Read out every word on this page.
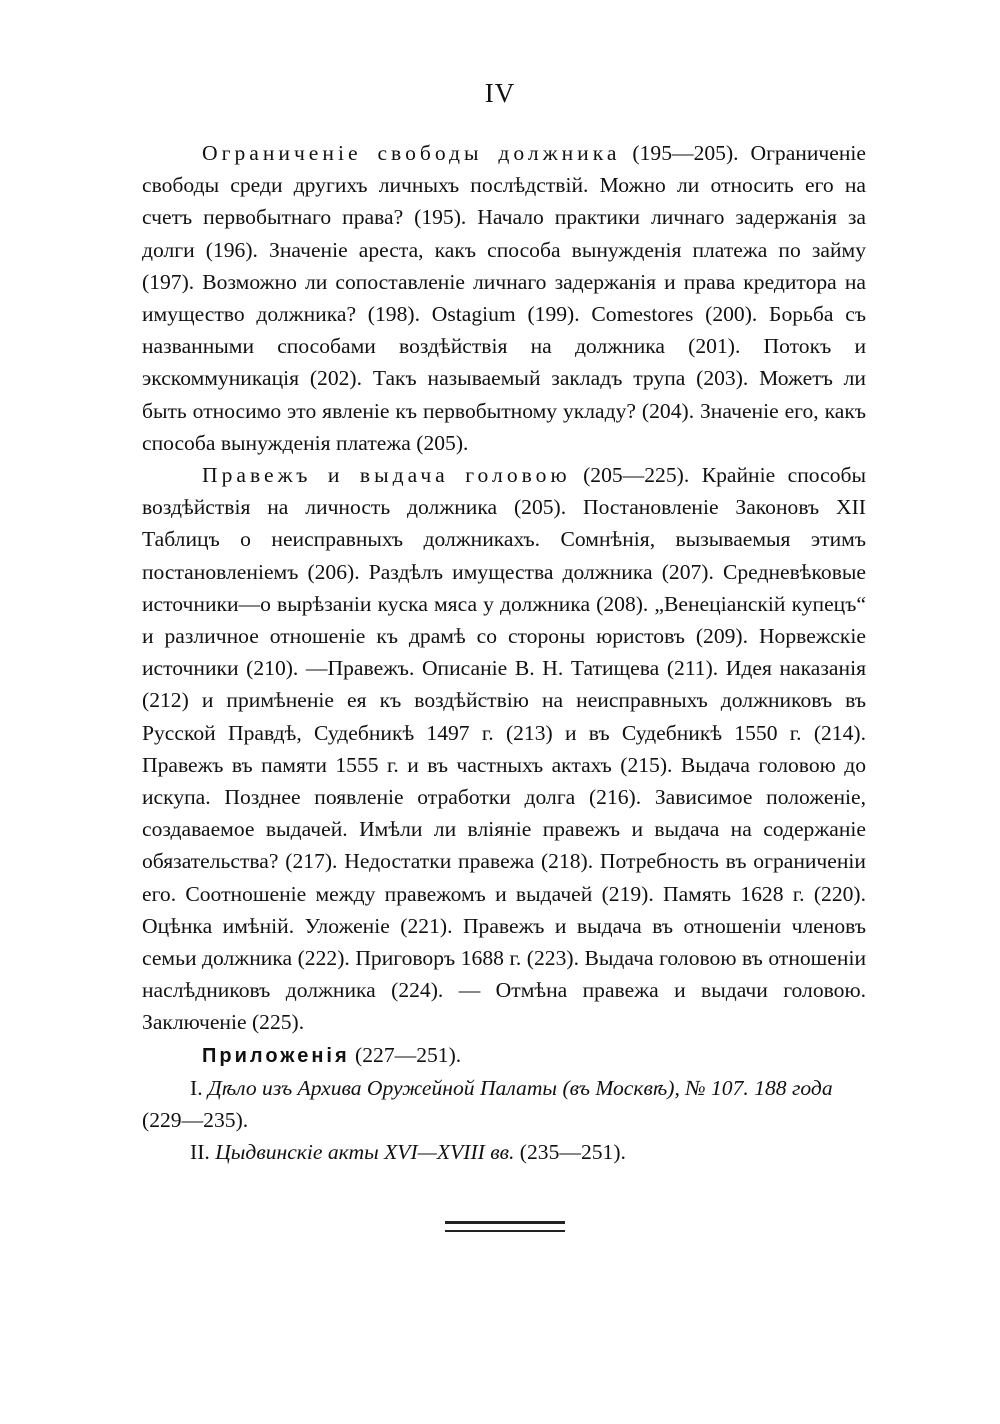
IV

Ограниченіе свободы должника (195—205). Ограниченіе свободы среди другихъ личныхъ послѣдствій. Можно ли относить его на счетъ первобытнаго права? (195). Начало практики личнаго задержанія за долги (196). Значеніе ареста, какъ способа вынужденія платежа по займу (197). Возможно ли сопоставленіе личнаго задержанія и права кредитора на имущество должника? (198). Ostagium (199). Comestores (200). Борьба съ названными способами воздѣйствія на должника (201). Потокъ и экскоммуникація (202). Такъ называемый закладъ трупа (203). Можетъ ли быть относимо это явленіе къ первобытному укладу? (204). Значеніе его, какъ способа вынужденія платежа (205).

Правежъ и выдача головою (205—225). Крайніе способы воздѣйствія на личность должника (205). Постановленіе Законовъ XII Таблицъ о неисправныхъ должникахъ. Сомнѣнія, вызываемыя этимъ постановленіемъ (206). Раздѣлъ имущества должника (207). Средневѣковые источники—о вырѣзаніи куска мяса у должника (208). „Венеціанскій купецъ“ и различное отношеніе къ драмѣ со стороны юристовъ (209). Норвежскіе источники (210). —Правежъ. Описаніе В. Н. Татищева (211). Идея наказанія (212) и примѣненіе ея къ воздѣйствію на неисправныхъ должниковъ въ Русской Правдѣ, Судебникѣ 1497 г. (213) и въ Судебникѣ 1550 г. (214). Правежъ въ памяти 1555 г. и въ частныхъ актахъ (215). Выдача головою до искупа. Позднее появленіе отработки долга (216). Зависимое положеніе, создаваемое выдачей. Имѣли ли вліяніе правежъ и выдача на содержаніе обязательства? (217). Недостатки правежа (218). Потребность въ ограниченіи его. Соотношеніе между правежомъ и выдачей (219). Память 1628 г. (220). Оцѣнка имѣній. Уложеніе (221). Правежъ и выдача въ отношеніи членовъ семьи должника (222). Приговоръ 1688 г. (223). Выдача головою въ отношеніи наслѣдниковъ должника (224). — Отмѣна правежа и выдачи головою. Заключеніе (225).

Приложенія (227—251).

I. Дѣло изъ Архива Оружейной Палаты (въ Москвѣ), № 107. 188 года (229—235).

II. Цыдвинскіе акты XVI—XVIII вв. (235—251).
